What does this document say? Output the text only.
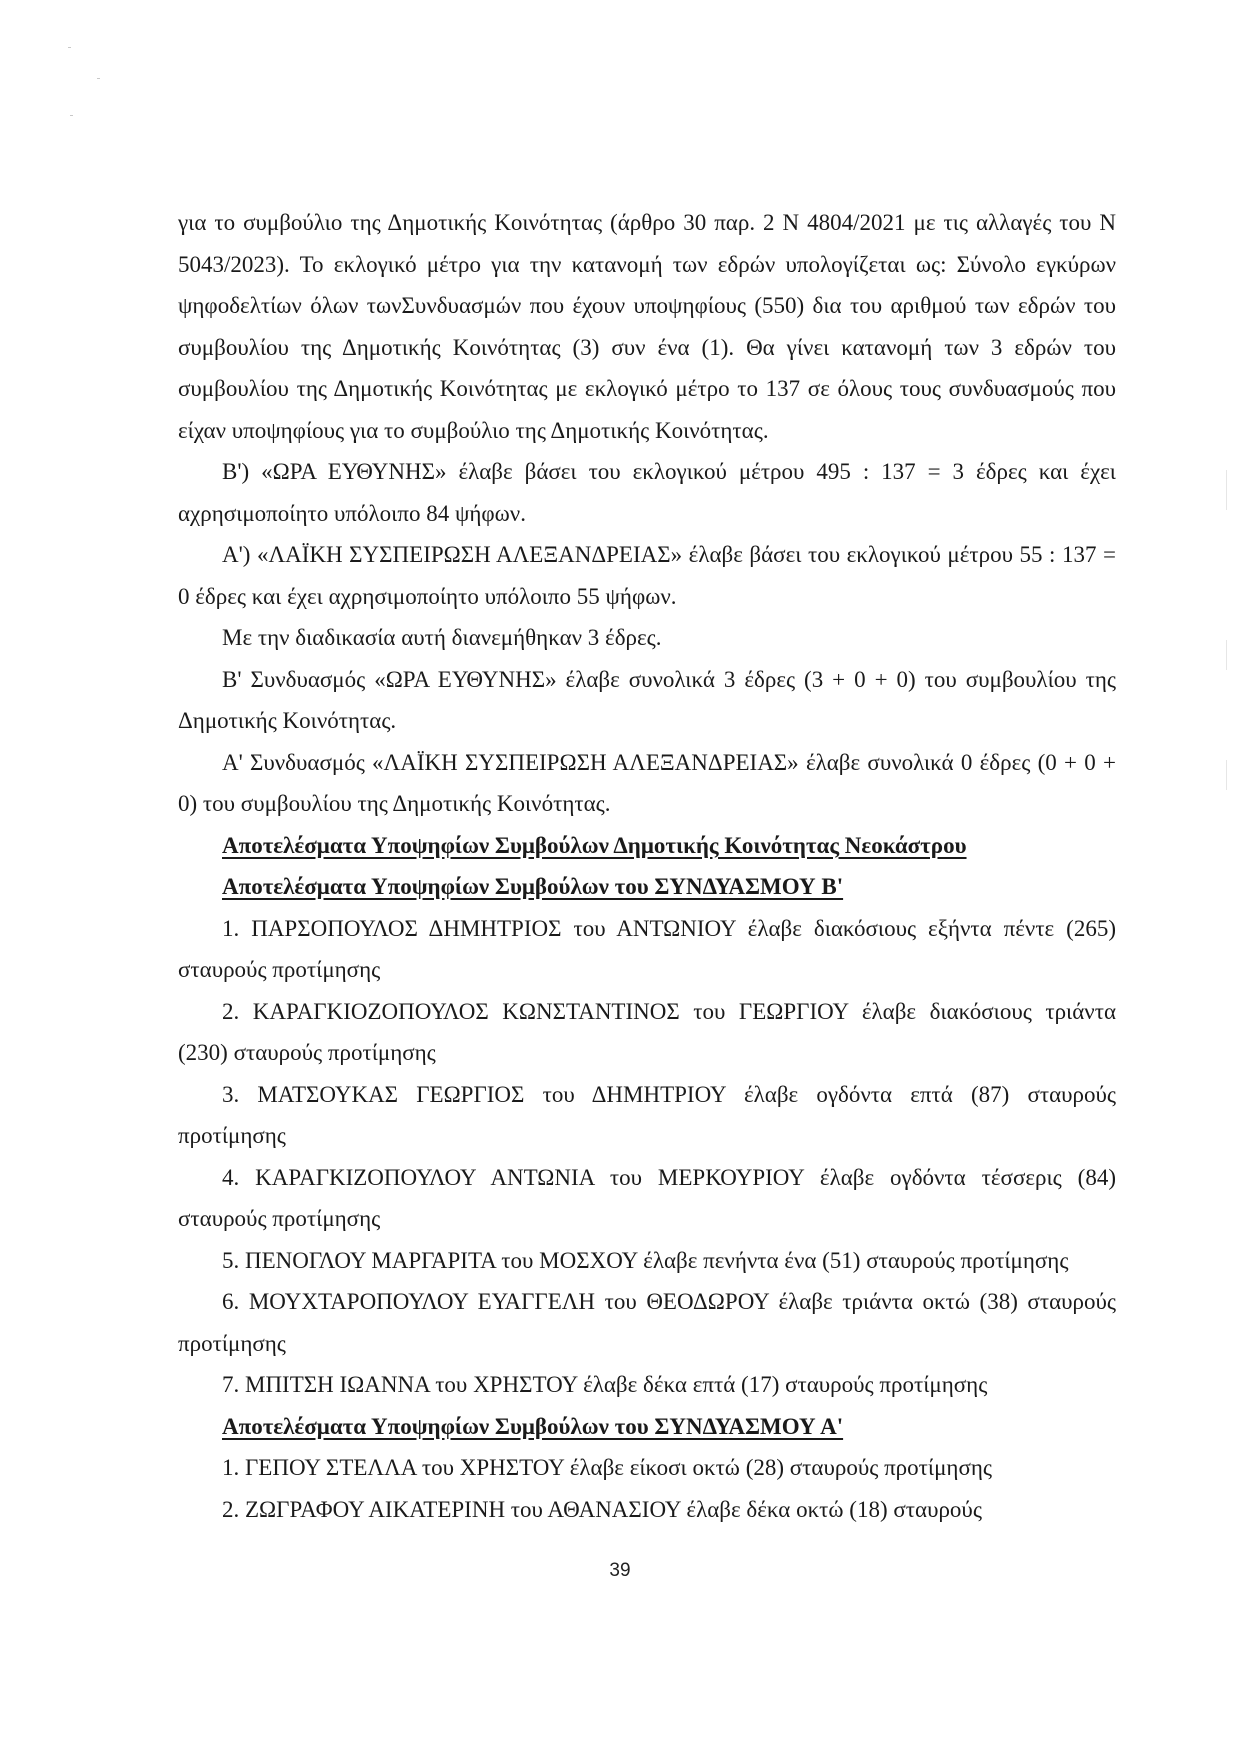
για το συμβούλιο της Δημοτικής Κοινότητας (άρθρο 30 παρ. 2 Ν 4804/2021 με τις αλλαγές του Ν 5043/2023). Το εκλογικό μέτρο για την κατανομή των εδρών υπολογίζεται ως: Σύνολο εγκύρων ψηφοδελτίων όλων τωνΣυνδυασμών που έχουν υποψηφίους (550) δια του αριθμού των εδρών του συμβουλίου της Δημοτικής Κοινότητας (3) συν ένα (1). Θα γίνει κατανομή των 3 εδρών του συμβουλίου της Δημοτικής Κοινότητας με εκλογικό μέτρο το 137 σε όλους τους συνδυασμούς που είχαν υποψηφίους για το συμβούλιο της Δημοτικής Κοινότητας.

Β') «ΩΡΑ ΕΥΘΥΝΗΣ» έλαβε βάσει του εκλογικού μέτρου 495 : 137 = 3 έδρες και έχει αχρησιμοποίητο υπόλοιπο 84 ψήφων.

Α') «ΛΑΪΚΗ ΣΥΣΠΕΙΡΩΣΗ ΑΛΕΞΑΝΔΡΕΙΑΣ» έλαβε βάσει του εκλογικού μέτρου 55 : 137 = 0 έδρες και έχει αχρησιμοποίητο υπόλοιπο 55 ψήφων.

Με την διαδικασία αυτή διανεμήθηκαν 3 έδρες.

Β' Συνδυασμός «ΩΡΑ ΕΥΘΥΝΗΣ» έλαβε συνολικά 3 έδρες (3 + 0 + 0) του συμβουλίου της Δημοτικής Κοινότητας.

Α' Συνδυασμός «ΛΑΪΚΗ ΣΥΣΠΕΙΡΩΣΗ ΑΛΕΞΑΝΔΡΕΙΑΣ» έλαβε συνολικά 0 έδρες (0 + 0 + 0) του συμβουλίου της Δημοτικής Κοινότητας.

Αποτελέσματα Υποψηφίων Συμβούλων Δημοτικής Κοινότητας Νεοκάστρου

Αποτελέσματα Υποψηφίων Συμβούλων του ΣΥΝΔΥΑΣΜΟΥ Β'

1. ΠΑΡΣΟΠΟΥΛΟΣ ΔΗΜΗΤΡΙΟΣ του ΑΝΤΩΝΙΟΥ έλαβε διακόσιους εξήντα πέντε (265) σταυρούς προτίμησης

2. ΚΑΡΑΓΚΙΟΖΟΠΟΥΛΟΣ ΚΩΝΣΤΑΝΤΙΝΟΣ του ΓΕΩΡΓΙΟΥ έλαβε διακόσιους τριάντα (230) σταυρούς προτίμησης

3. ΜΑΤΣΟΥΚΑΣ ΓΕΩΡΓΙΟΣ του ΔΗΜΗΤΡΙΟΥ έλαβε ογδόντα επτά (87) σταυρούς προτίμησης

4. ΚΑΡΑΓΚΙΖΟΠΟΥΛΟΥ ΑΝΤΩΝΙΑ του ΜΕΡΚΟΥΡΙΟΥ έλαβε ογδόντα τέσσερις (84) σταυρούς προτίμησης

5. ΠΕΝΟΓΛΟΥ ΜΑΡΓΑΡΙΤΑ του ΜΟΣΧΟΥ έλαβε πενήντα ένα (51) σταυρούς προτίμησης

6. ΜΟΥΧΤΑΡΟΠΟΥΛΟΥ ΕΥΑΓΓΕΛΗ του ΘΕΟΔΩΡΟΥ έλαβε τριάντα οκτώ (38) σταυρούς προτίμησης

7. ΜΠΙΤΣΗ ΙΩΑΝΝΑ του ΧΡΗΣΤΟΥ έλαβε δέκα επτά (17) σταυρούς προτίμησης

Αποτελέσματα Υποψηφίων Συμβούλων του ΣΥΝΔΥΑΣΜΟΥ Α'

1. ΓΕΠΟΥ ΣΤΕΛΛΑ του ΧΡΗΣΤΟΥ έλαβε είκοσι οκτώ (28) σταυρούς προτίμησης

2. ΖΩΓΡΑΦΟΥ ΑΙΚΑΤΕΡΙΝΗ του ΑΘΑΝΑΣΙΟΥ έλαβε δέκα οκτώ (18) σταυρούς

39
